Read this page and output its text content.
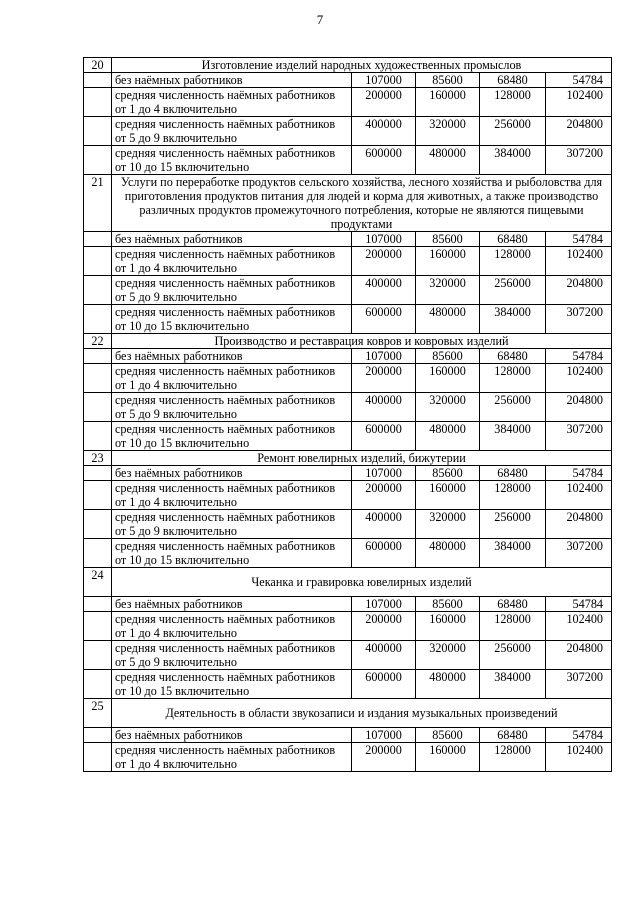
7
20	Изготовление изделий народных художественных промыслов				
	без наёмных работников	107000	85600	68480	54784
	средняя численность наёмных работников от 1 до 4 включительно	200000	160000	128000	102400
	средняя численность наёмных работников от 5 до 9 включительно	400000	320000	256000	204800
	средняя численность наёмных работников от 10 до 15 включительно	600000	480000	384000	307200
21	Услуги по переработке продуктов сельского хозяйства, лесного хозяйства и рыболовства для приготовления продуктов питания для людей и корма для животных, а также производство различных продуктов промежуточного потребления, которые не являются пищевыми продуктами				
	без наёмных работников	107000	85600	68480	54784
	средняя численность наёмных работников от 1 до 4 включительно	200000	160000	128000	102400
	средняя численность наёмных работников от 5 до 9 включительно	400000	320000	256000	204800
	средняя численность наёмных работников от 10 до 15 включительно	600000	480000	384000	307200
22	Производство и реставрация ковров и ковровых изделий				
	без наёмных работников	107000	85600	68480	54784
	средняя численность наёмных работников от 1 до 4 включительно	200000	160000	128000	102400
	средняя численность наёмных работников от 5 до 9 включительно	400000	320000	256000	204800
	средняя численность наёмных работников от 10 до 15 включительно	600000	480000	384000	307200
23	Ремонт ювелирных изделий, бижутерии				
	без наёмных работников	107000	85600	68480	54784
	средняя численность наёмных работников от 1 до 4 включительно	200000	160000	128000	102400
	средняя численность наёмных работников от 5 до 9 включительно	400000	320000	256000	204800
	средняя численность наёмных работников от 10 до 15 включительно	600000	480000	384000	307200
24	Чеканка и гравировка ювелирных изделий				
	без наёмных работников	107000	85600	68480	54784
	средняя численность наёмных работников от 1 до 4 включительно	200000	160000	128000	102400
	средняя численность наёмных работников от 5 до 9 включительно	400000	320000	256000	204800
	средняя численность наёмных работников от 10 до 15 включительно	600000	480000	384000	307200
25	Деятельность в области звукозаписи и издания музыкальных произведений				
	без наёмных работников	107000	85600	68480	54784
	средняя численность наёмных работников от 1 до 4 включительно	200000	160000	128000	102400
